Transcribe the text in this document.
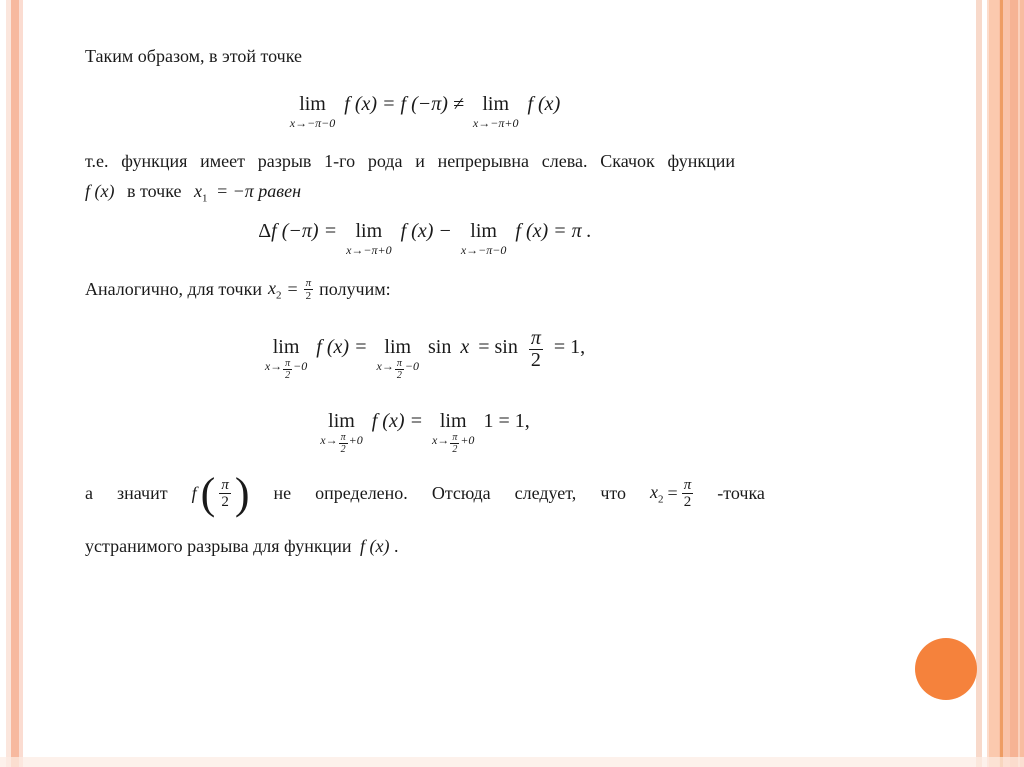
Таким образом, в этой точке

lim
x→−π−0
f (x) = f (−π) ≠ lim
x→−π+0
f (x)
т.е. функция имеет разрыв 1-го рода и непрерывна слева. Скачок функции
f (x) в точке $x_1 = -\pi$ равен
Δf (−π) = lim
x→−π+0
f (x) − lim
x→−π−0
f (x) = π .
Аналогично, для точки $x_2 = \frac{\pi}{2}$ получим:
lim
$x\to \frac{\pi}{2} -0$
f (x) = lim
$x\to \frac{\pi}{2} -0$
$\sin x = \sin \frac{\pi}{2} = 1$,
lim
$x\to \frac{\pi}{2} +0$
f (x) = lim
$x\to \frac{\pi}{2} +0$
1 = 1,
а значит f ( $\frac{\pi}{2}$ ) не определено. Отсюда следует, что $x_2 = \frac{\pi}{2}$ -точка
устранимого разрыва для функции f (x) .
